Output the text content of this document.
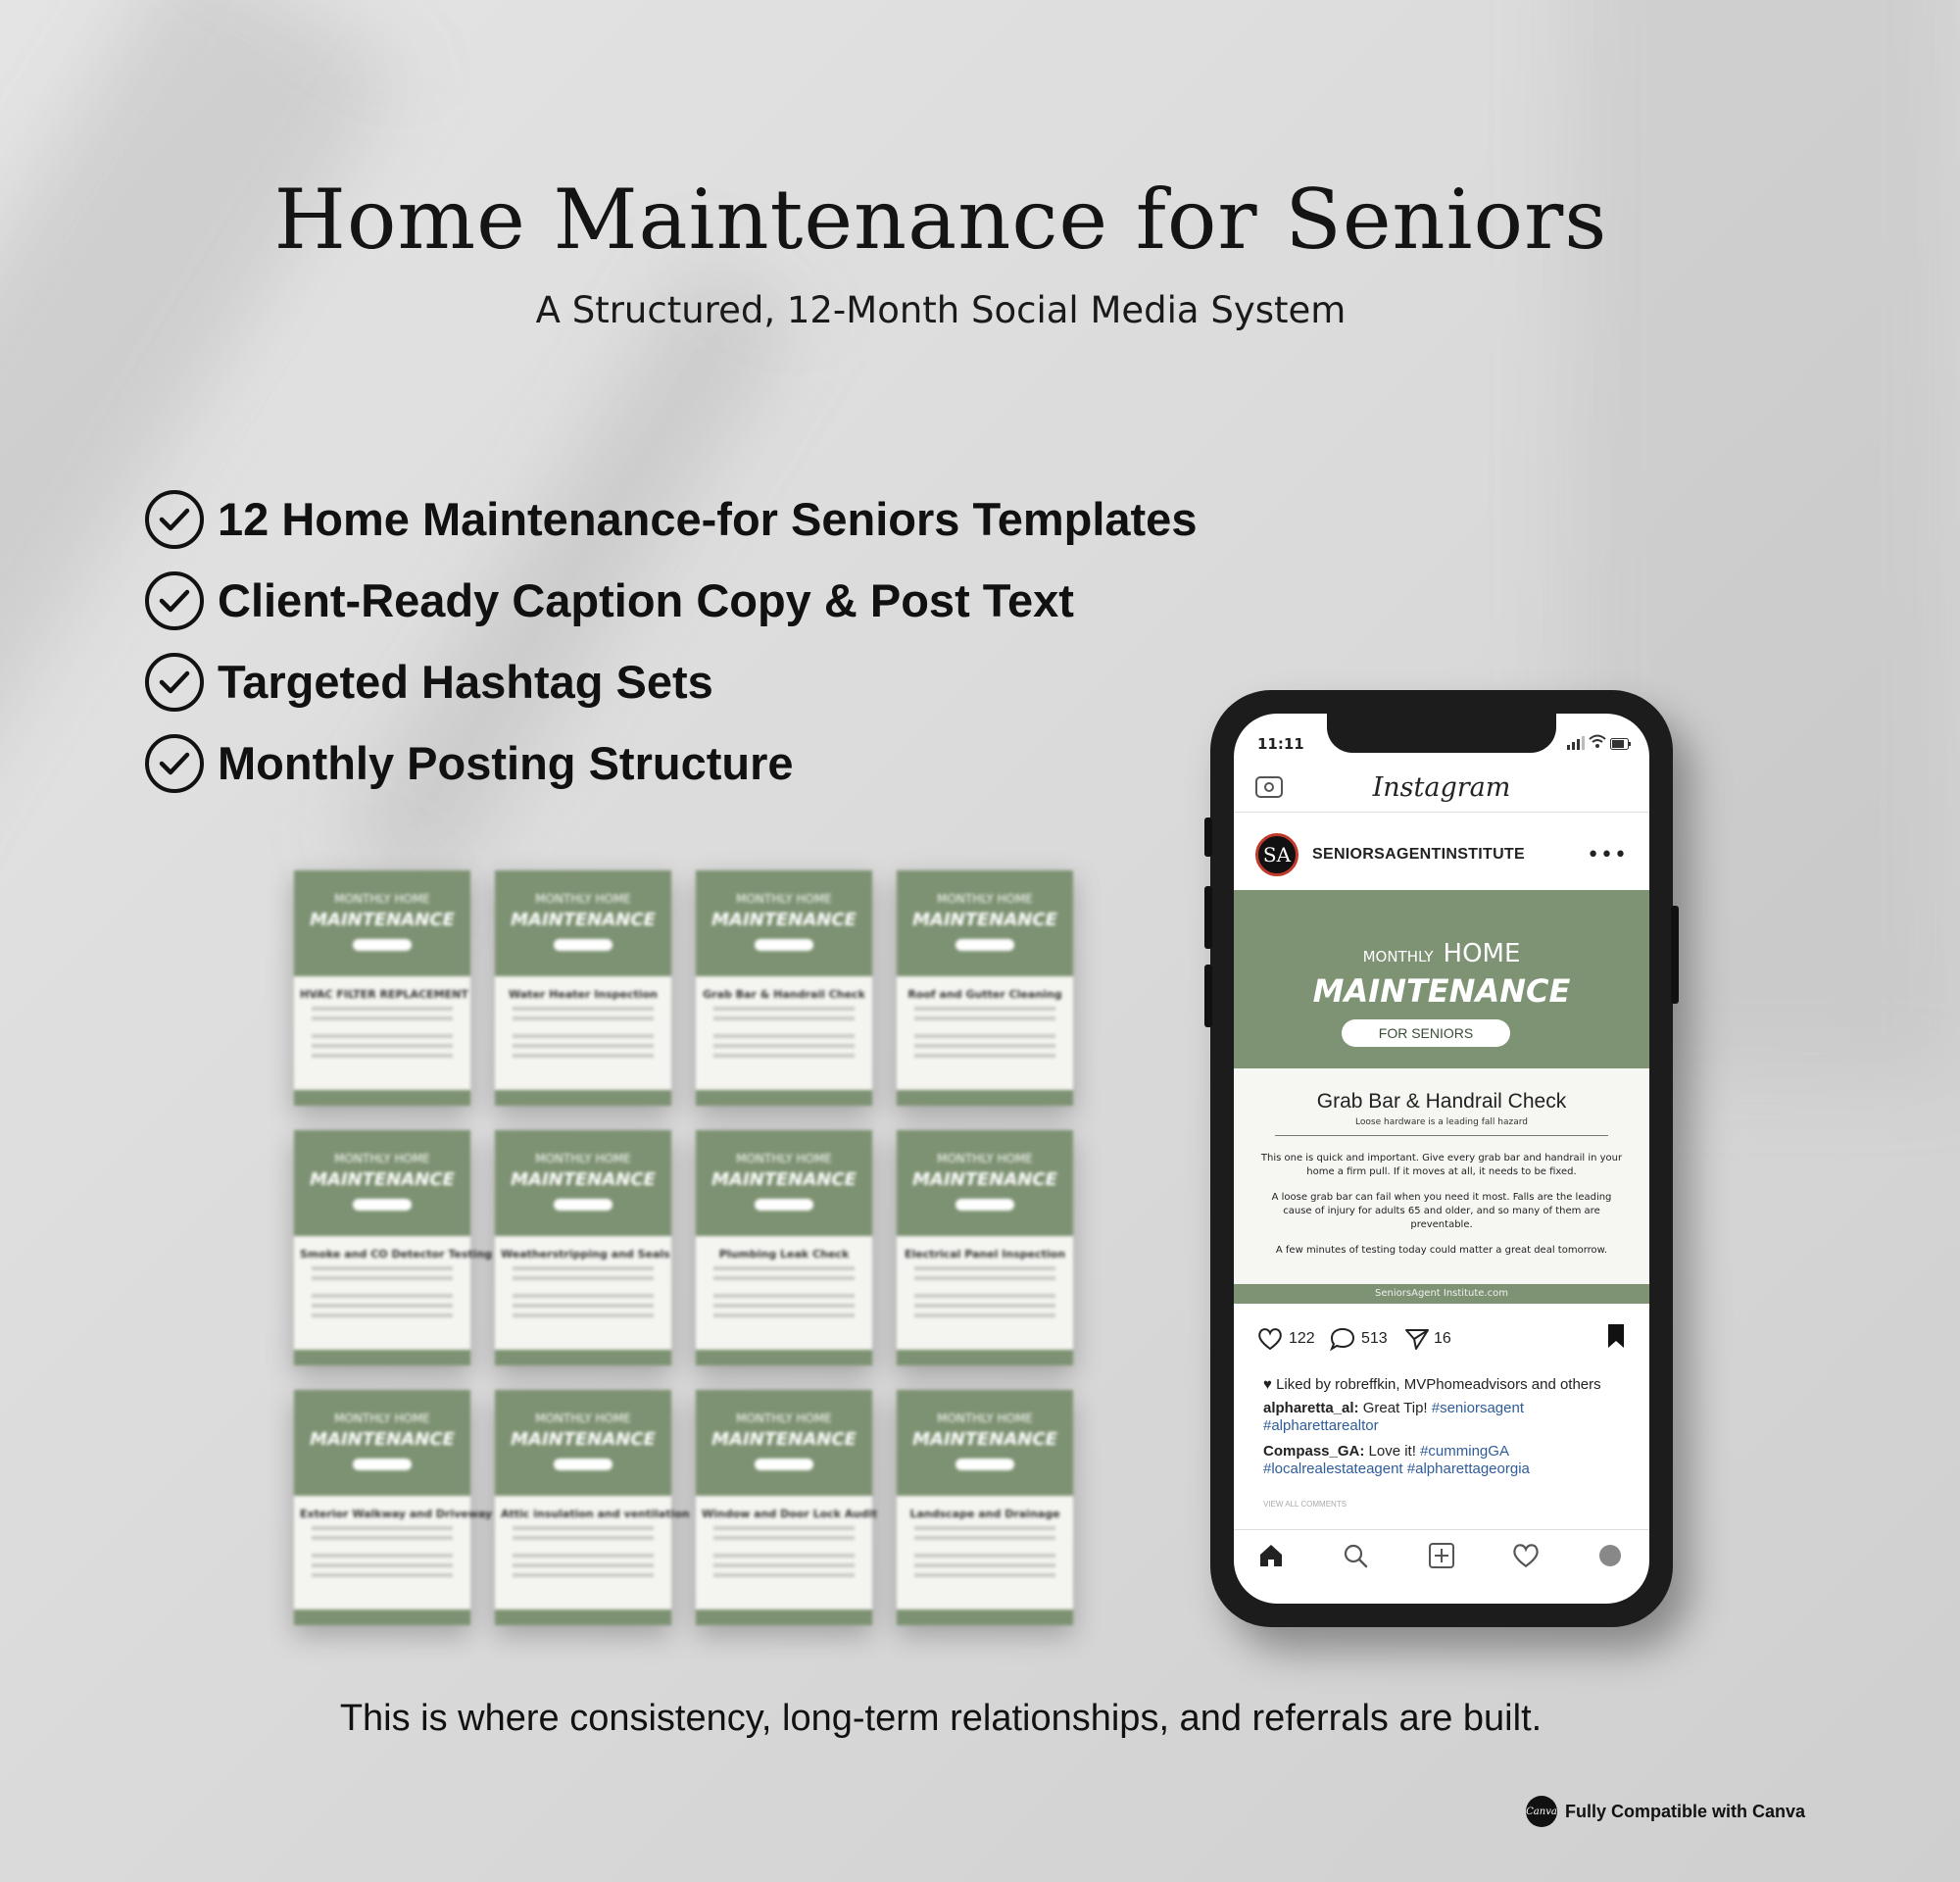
Home Maintenance for Seniors
A Structured, 12-Month Social Media System
12 Home Maintenance-for Seniors Templates
Client-Ready Caption Copy & Post Text
Targeted Hashtag Sets
Monthly Posting Structure
MONTHLY HOME
MAINTENANCE
HVAC FILTER REPLACEMENT
MONTHLY HOME
MAINTENANCE
Water Heater Inspection
MONTHLY HOME
MAINTENANCE
Grab Bar & Handrail Check
MONTHLY HOME
MAINTENANCE
Roof and Gutter Cleaning
MONTHLY HOME
MAINTENANCE
Smoke and CO Detector Testing
MONTHLY HOME
MAINTENANCE
Weatherstripping and Seals
MONTHLY HOME
MAINTENANCE
Plumbing Leak Check
MONTHLY HOME
MAINTENANCE
Electrical Panel Inspection
MONTHLY HOME
MAINTENANCE
Exterior Walkway and Driveway
MONTHLY HOME
MAINTENANCE
Attic insulation and ventilation
MONTHLY HOME
MAINTENANCE
Window and Door Lock Audit
MONTHLY HOME
MAINTENANCE
Landscape and Drainage
11:11
Instagram
SA	SENIORSAGENTINSTITUTE	•••
MONTHLY HOME
MAINTENANCE
FOR SENIORS
Grab Bar & Handrail Check
Loose hardware is a leading fall hazard

This one is quick and important. Give every grab bar and handrail in your home a firm pull. If it moves at all, it needs to be fixed.

A loose grab bar can fail when you need it most. Falls are the leading cause of injury for adults 65 and older, and so many of them are preventable.

A few minutes of testing today could matter a great deal tomorrow.

SeniorsAgent Institute.com
122	513	16
♥ Liked by robreffkin, MVPhomeadvisors and others
alpharetta_al: Great Tip! #seniorsagent #alpharettarealtor
Compass_GA: Love it! #cummingGA #localrealestateagent #alpharettageorgia
VIEW ALL COMMENTS
This is where consistency, long-term relationships, and referrals are built.
Canva Fully Compatible with Canva
